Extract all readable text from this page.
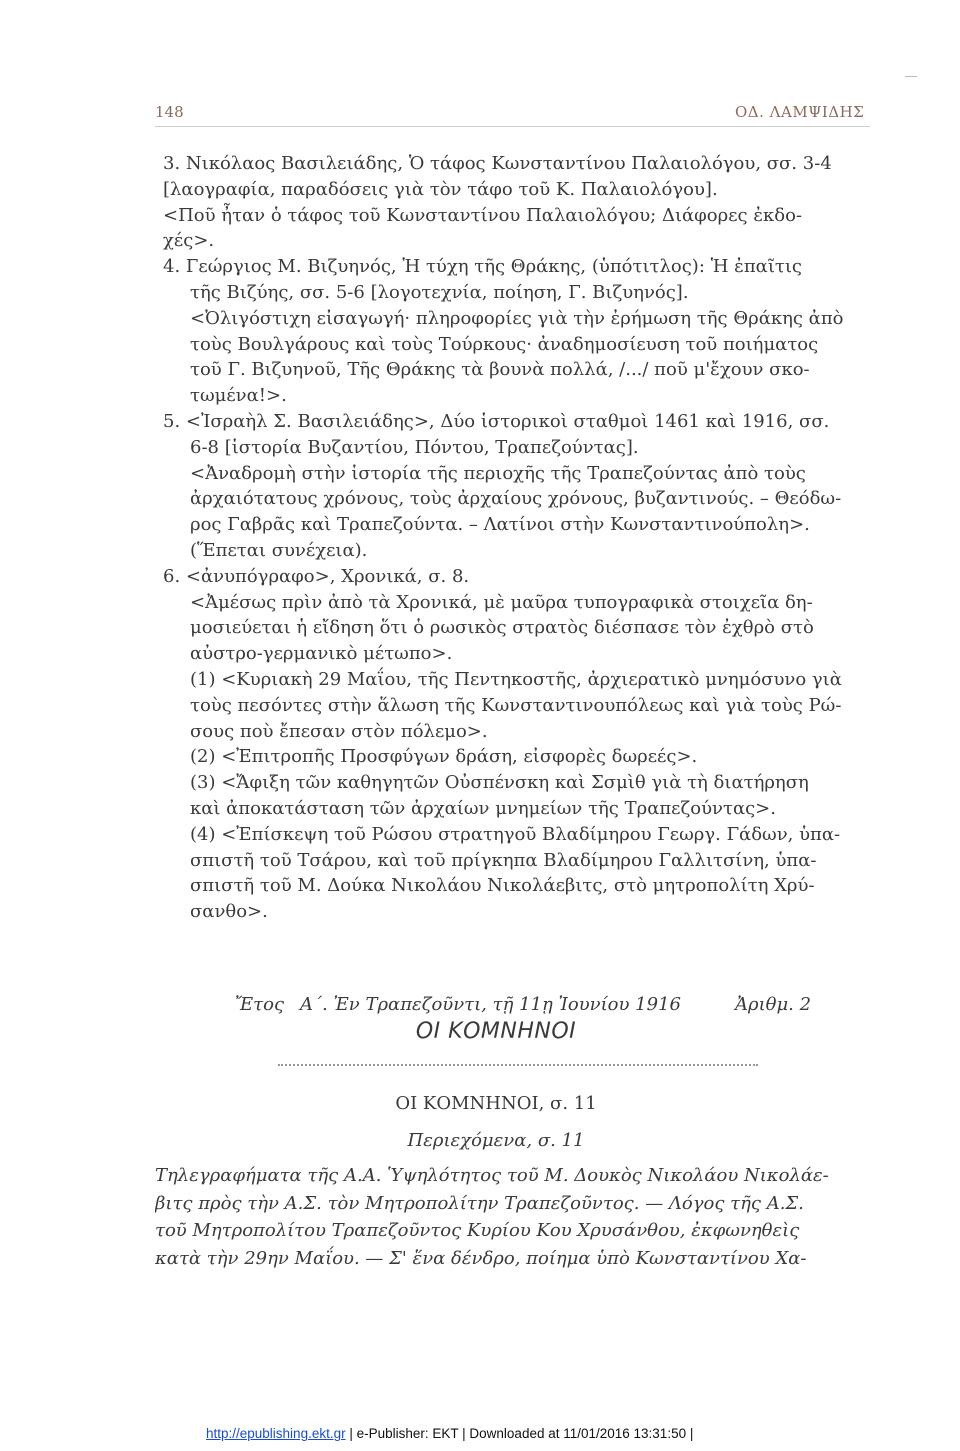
148	ΟΔ. ΛΑΜΨΙΔΗΣ
3. Νικόλαος Βασιλειάδης, Ὁ τάφος Κωνσταντίνου Παλαιολόγου, σσ. 3-4
[λαογραφία, παραδόσεις γιὰ τὸν τάφο τοῦ Κ. Παλαιολόγου].
<Ποῦ ἦταν ὁ τάφος τοῦ Κωνσταντίνου Παλαιολόγου; Διάφορες ἐκδο-
χές>.
4. Γεώργιος Μ. Βιζυηνός, Ἡ τύχη τῆς Θράκης, (ὑπότιτλος): Ἡ ἐπαῖτις
τῆς Βιζύης, σσ. 5-6 [λογοτεχνία, ποίηση, Γ. Βιζυηνός].
<Ὀλιγόστιχη εἰσαγωγή· πληροφορίες γιὰ τὴν ἐρήμωση τῆς Θράκης ἀπὸ
τοὺς Βουλγάρους καὶ τοὺς Τούρκους· ἀναδημοσίευση τοῦ ποιήματος
τοῦ Γ. Βιζυηνοῦ, Τῆς Θράκης τὰ βουνὰ πολλά, /.../ ποῦ μ'ἔχουν σκο-
τωμένα!>.
5. <Ἰσραὴλ Σ. Βασιλειάδης>, Δύο ἱστορικοὶ σταθμοὶ 1461 καὶ 1916, σσ.
6-8 [ἱστορία Βυζαντίου, Πόντου, Τραπεζούντας].
<Ἀναδρομὴ στὴν ἱστορία τῆς περιοχῆς τῆς Τραπεζούντας ἀπὸ τοὺς
ἀρχαιότατους χρόνους, τοὺς ἀρχαίους χρόνους, βυζαντινούς. – Θεόδω-
ρος Γαβρᾶς καὶ Τραπεζούντα. – Λατίνοι στὴν Κωνσταντινούπολη>.
(Ἕπεται συνέχεια).
6. <ἀνυπόγραφο>, Χρονικά, σ. 8.
<Ἀμέσως πρὶν ἀπὸ τὰ Χρονικά, μὲ μαῦρα τυπογραφικὰ στοιχεῖα δη-
μοσιεύεται ἡ εἴδηση ὅτι ὁ ρωσικὸς στρατὸς διέσπασε τὸν ἐχθρὸ στὸ
αὐστρο-γερμανικὸ μέτωπο>.
(1) <Κυριακὴ 29 Μαΐου, τῆς Πεντηκοστῆς, ἀρχιερατικὸ μνημόσυνο γιὰ
τοὺς πεσόντες στὴν ἅλωση τῆς Κωνσταντινουπόλεως καὶ γιὰ τοὺς Ρώ-
σους ποὺ ἔπεσαν στὸν πόλεμο>.
(2) <Ἐπιτροπῆς Προσφύγων δράση, εἰσφορὲς δωρεές>.
(3) <Ἄφιξη τῶν καθηγητῶν Οὐσπένσκη καὶ Σσμὶθ γιὰ τὴ διατήρηση
καὶ ἀποκατάσταση τῶν ἀρχαίων μνημείων τῆς Τραπεζούντας>.
(4) <Ἐπίσκεψη τοῦ Ρώσου στρατηγοῦ Βλαδίμηρου Γεωργ. Γάδων, ὑπα-
σπιστῆ τοῦ Τσάρου, καὶ τοῦ πρίγκηπα Βλαδίμηρου Γαλλιτσίνη, ὑπα-
σπιστῆ τοῦ Μ. Δούκα Νικολάου Νικολάεβιτς, στὸ μητροπολίτη Χρύ-
σανθο>.
Ἔτος Α΄. Ἐν Τραπεζοῦντι, τῇ 11ῃ Ἰουνίου 1916	Ἀριθμ. 2
ΟΙ ΚΟΜΝΗΝΟΙ
ΟΙ ΚΟΜΝΗΝΟΙ, σ. 11
Περιεχόμενα, σ. 11
Τηλεγραφήματα τῆς Α.Α. Ὑψηλότητος τοῦ Μ. Δουκὸς Νικολάου Νικολάε-
βιτς πρὸς τὴν Α.Σ. τὸν Μητροπολίτην Τραπεζοῦντος. — Λόγος τῆς Α.Σ.
τοῦ Μητροπολίτου Τραπεζοῦντος Κυρίου Κου Χρυσάνθου, ἐκφωνηθεὶς
κατὰ τὴν 29ην Μαΐου. — Σ' ἕνα δένδρο, ποίημα ὑπὸ Κωνσταντίνου Χα-
http://epublishing.ekt.gr | e-Publisher: EKT | Downloaded at 11/01/2016 13:31:50 |
